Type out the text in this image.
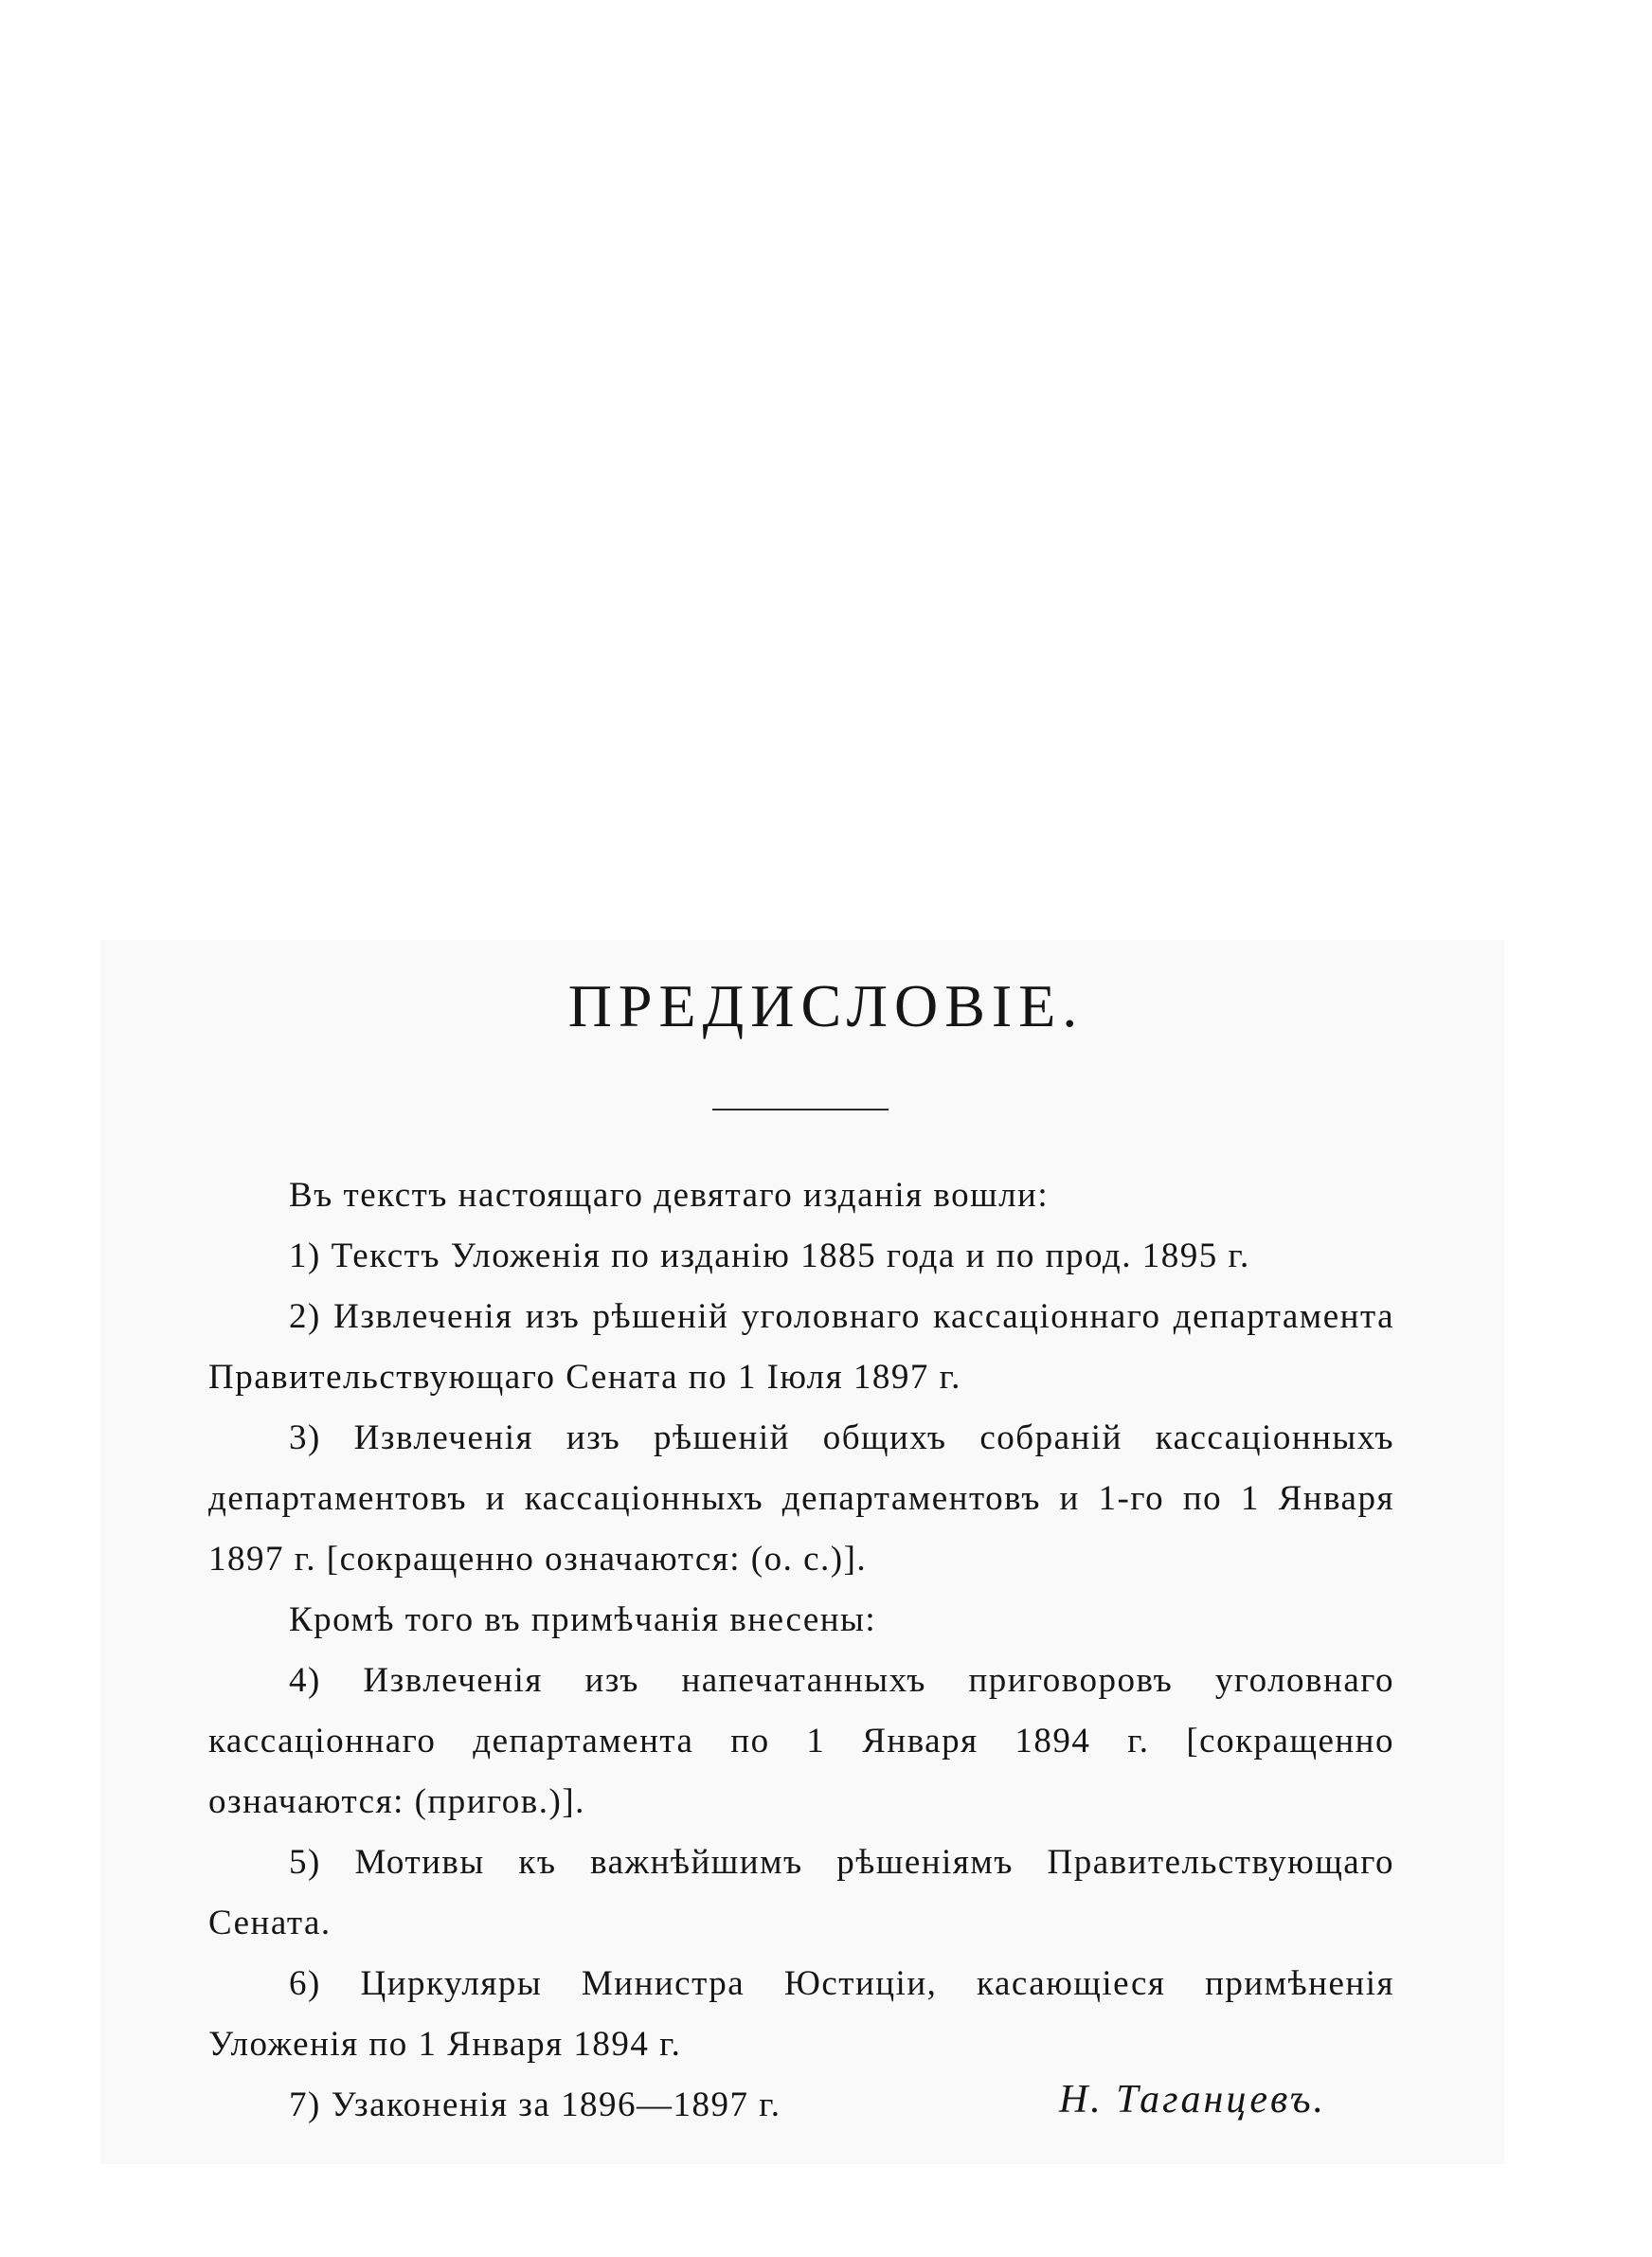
ПРЕДИСЛОВІЕ.

Въ текстъ настоящаго девятаго изданія вошли:

1) Текстъ Уложенія по изданію 1885 года и по прод. 1895 г.

2) Извлеченія изъ рѣшеній уголовнаго кассаціоннаго департамента Правительствующаго Сената по 1 Іюля 1897 г.

3) Извлеченія изъ рѣшеній общихъ собраній кассаціонныхъ департаментовъ и кассаціонныхъ департаментовъ и 1-го по 1 Января 1897 г. [сокращенно означаются: (о. с.)].

Кромѣ того въ примѣчанія внесены:

4) Извлеченія изъ напечатанныхъ приговоровъ уголовнаго кассаціоннаго департамента по 1 Января 1894 г. [сокращенно означаются: (пригов.)].

5) Мотивы къ важнѣйшимъ рѣшеніямъ Правительствующаго Сената.

6) Циркуляры Министра Юстиціи, касающіеся примѣненія Уложенія по 1 Января 1894 г.

7) Узаконенія за 1896—1897 г.	Н. Таганцевъ.
